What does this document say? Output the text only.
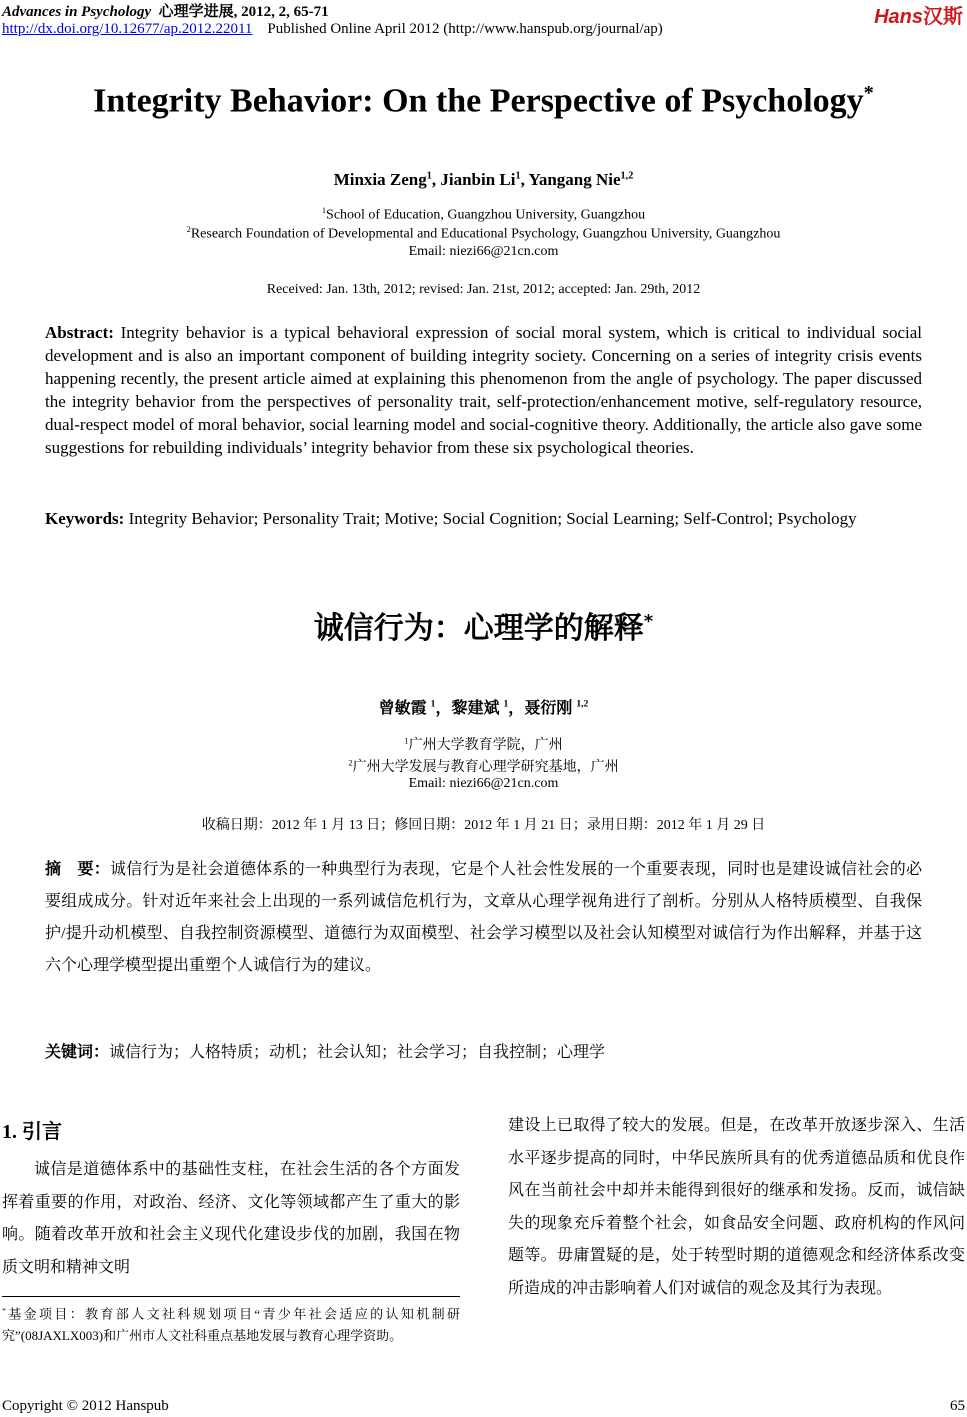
Advances in Psychology 心理学进展, 2012, 2, 65-71
http://dx.doi.org/10.12677/ap.2012.22011 Published Online April 2012 (http://www.hanspub.org/journal/ap)
Hans汉斯
Integrity Behavior: On the Perspective of Psychology*
Minxia Zeng$^1$, Jianbin Li$^1$, Yangang Nie$^{1,2}$
$^1$School of Education, Guangzhou University, Guangzhou
$^2$Research Foundation of Developmental and Educational Psychology, Guangzhou University, Guangzhou
Email: niezi66@21cn.com
Received: Jan. 13th, 2012; revised: Jan. 21st, 2012; accepted: Jan. 29th, 2012
Abstract: Integrity behavior is a typical behavioral expression of social moral system, which is critical to individual social development and is also an important component of building integrity society. Concerning on a series of integrity crisis events happening recently, the present article aimed at explaining this phenomenon from the angle of psychology. The paper discussed the integrity behavior from the perspectives of personality trait, self-protection/enhancement motive, self-regulatory resource, dual-respect model of moral behavior, social learning model and social-cognitive theory. Additionally, the article also gave some suggestions for rebuilding individuals’ integrity behavior from these six psychological theories.
Keywords: Integrity Behavior; Personality Trait; Motive; Social Cognition; Social Learning; Self-Control; Psychology
诚信行为：心理学的解释*
曾敏霞 $^1$，黎建斌 $^1$，聂衍刚 $^{1,2}$
$^1$广州大学教育学院，广州
$^2$广州大学发展与教育心理学研究基地，广州
Email: niezi66@21cn.com
收稿日期：2012 年 1 月 13 日；修回日期：2012 年 1 月 21 日；录用日期：2012 年 1 月 29 日
摘　要：诚信行为是社会道德体系的一种典型行为表现，它是个人社会性发展的一个重要表现，同时也是建设诚信社会的必要组成成分。针对近年来社会上出现的一系列诚信危机行为，文章从心理学视角进行了剖析。分别从人格特质模型、自我保护/提升动机模型、自我控制资源模型、道德行为双面模型、社会学习模型以及社会认知模型对诚信行为作出解释，并基于这六个心理学模型提出重塑个人诚信行为的建议。
关键词：诚信行为；人格特质；动机；社会认知；社会学习；自我控制；心理学
1. 引言
诚信是道德体系中的基础性支柱，在社会生活的各个方面发挥着重要的作用，对政治、经济、文化等领域都产生了重大的影响。随着改革开放和社会主义现代化建设步伐的加剧，我国在物质文明和精神文明
*基金项目：教育部人文社科规划项目“青少年社会适应的认知机制研究”(08JAXLX003)和广州市人文社科重点基地发展与教育心理学资助。
建设上已取得了较大的发展。但是，在改革开放逐步深入、生活水平逐步提高的同时，中华民族所具有的优秀道德品质和优良作风在当前社会中却并未能得到很好的继承和发扬。反而，诚信缺失的现象充斥着整个社会，如食品安全问题、政府机构的作风问题等。毋庸置疑的是，处于转型时期的道德观念和经济体系改变所造成的冲击影响着人们对诚信的观念及其行为表现。
Copyright © 2012 Hanspub	65
